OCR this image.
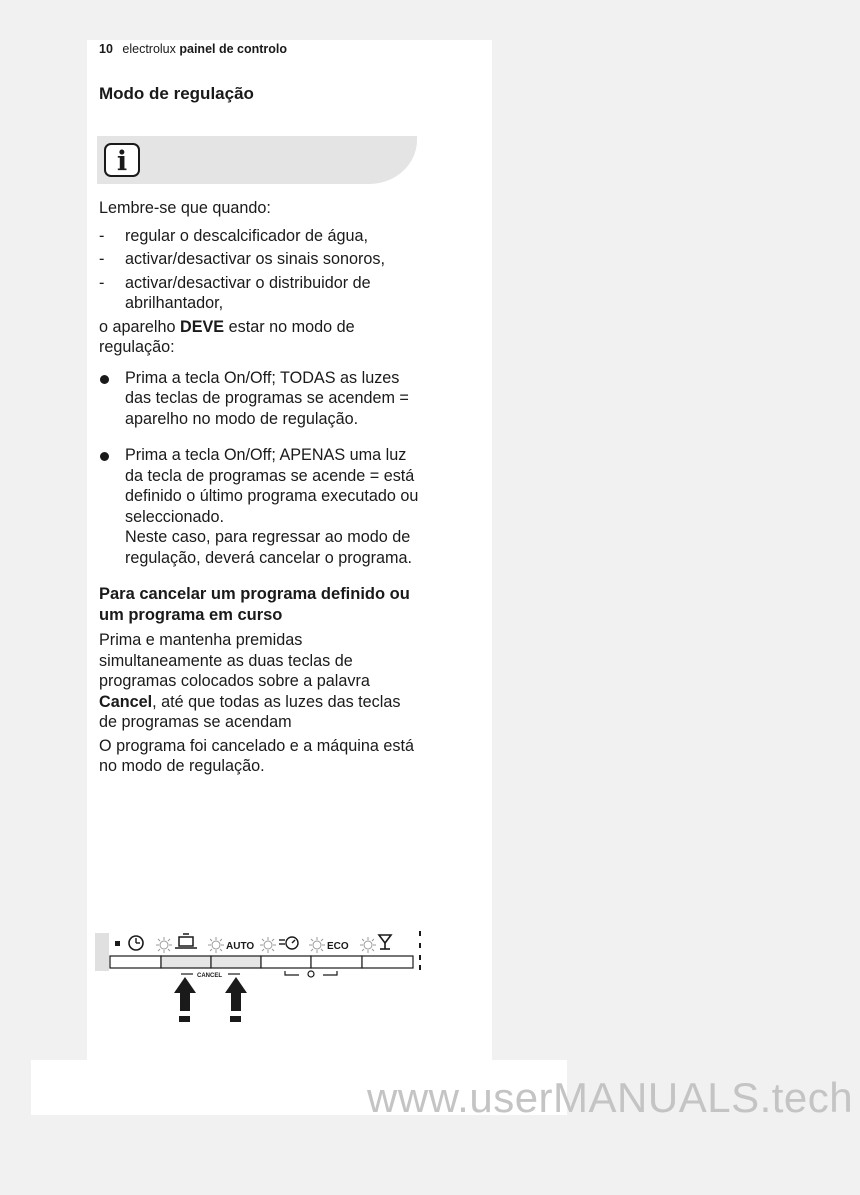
10 electrolux painel de controlo
Modo de regulação
i

Lembre-se que quando:

- regular o descalcificador de água,
- activar/desactivar os sinais sonoros,
- activar/desactivar o distribuidor de abrilhantador,

o aparelho DEVE estar no modo de regulação:

Prima a tecla On/Off; TODAS as luzes das teclas de programas se acendem = aparelho no modo de regulação.
Prima a tecla On/Off; APENAS uma luz da tecla de programas se acende = está definido o último programa executado ou seleccionado.
Neste caso, para regressar ao modo de regulação, deverá cancelar o programa.

Para cancelar um programa definido ou um programa em curso

Prima e mantenha premidas simultaneamente as duas teclas de programas colocados sobre a palavra Cancel, até que todas as luzes das teclas de programas se acendam

O programa foi cancelado e a máquina está no modo de regulação.

AUTO	ECO
CANCEL
www.userMANUALS.tech
